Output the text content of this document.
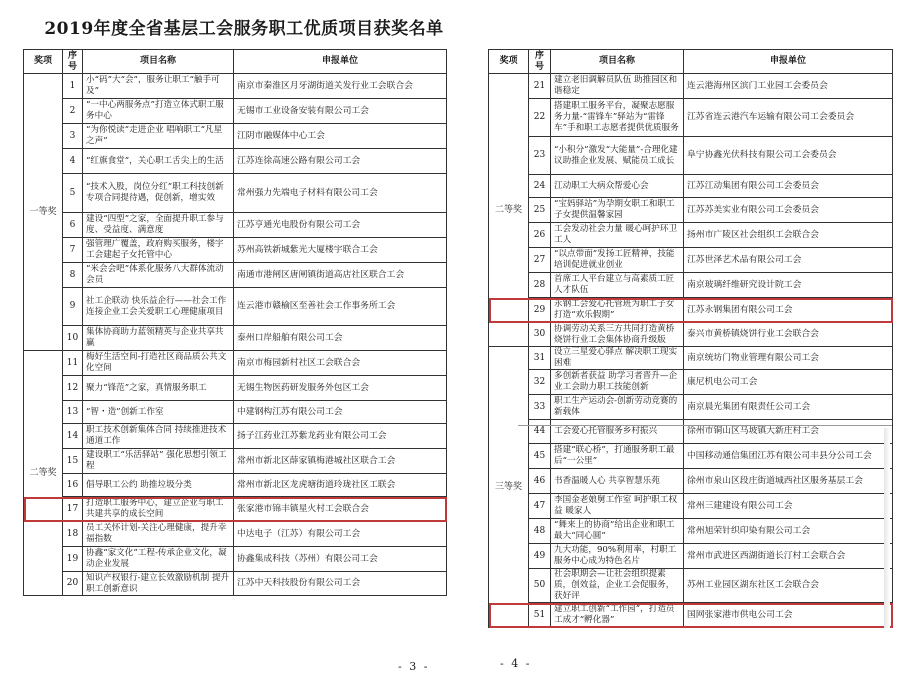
2019年度全省基层工会服务职工优质项目获奖名单
奖项	序号	项目名称	申报单位
一等奖	1	小“码”大“会”，服务让职工“触手可及”	南京市秦淮区月牙湖街道关发行业工会联合会
	2	“一中心两服务点”打造立体式职工服务中心	无锡市工业设备安装有限公司工会
	3	“为你悦读”走进企业 唱响职工“凡星之声”	江阴市融媒体中心工会
	4	“红旗食堂”，关心职工舌尖上的生活	江苏连徐高速公路有限公司工会
	5	“技术入股，岗位分红”职工科技创新专项合同提待遇，促创新，增实效	常州强力先端电子材料有限公司工会
	6	建设“四型”之家，全面提升职工参与度、受益度、满意度	江苏亨通光电股份有限公司工会
	7	强管理广覆盖，政府购买服务，楼宇工会建起子女托管中心	苏州高铁新城紫光大厦楼宇联合工会
	8	“米会会吧”体系化服务八大群体流动会员	南通市港闸区唐闸镇街道高店社区联合工会
	9	社工企联动 快乐益企行——社会工作连接企业工会关爱职工心理健康项目	连云港市赣榆区至善社会工作事务所工会
	10	集体协商助力蓝领精英与企业共享共赢	泰州口岸船舶有限公司工会
二等奖	11	梅好生活空间-打造社区商品质公共文化空间	南京市梅园新村社区工会联合会
	12	聚力“锋范”之家，真情服务职工	无锡生物医药研发服务外包区工会
	13	“智・造”创新工作室	中建钢构江苏有限公司工会
	14	职工技术创新集体合同 持续推进技术通道工作	扬子江药业江苏紫龙药业有限公司工会
	15	建设职工“乐活驿站” 强化思想引领工程	常州市新北区薛家镇梅港城社区联合工会
	16	倡导职工公约 助推垃圾分类	常州市新北区龙虎塘街道玲珑社区工联会
	17	打造职工服务中心，建立企业与职工共建共享的成长空间	张家港市锦丰镇星火村工会联合会
	18	员工关怀计划-关注心理健康，提升幸福指数	中达电子（江苏）有限公司工会
	19	协鑫“家文化”工程-传承企业文化，凝动企业发展	协鑫集成科技（苏州）有限公司工会
	20	知识产权银行-建立长效激励机制 提升职工创新意识	江苏中天科技股份有限公司工会
奖项	序号	项目名称	申报单位
二等奖	21	建立老旧调解员队伍 助推园区和谐稳定	连云港海州区滨门工业园工会委员会
	22	搭建职工服务平台，凝聚志愿服务力量-“雷锋车”驿站为“雷锋车”手和职工志愿者提供优质服务	江苏省连云港汽车运输有限公司工会委员会
	23	“小积分”激发“大能量”-合理化建议助推企业发展、赋能员工成长	阜宁协鑫光伏科技有限公司工会委员会
	24	江动职工大病众帮爱心会	江苏江动集团有限公司工会委员会
	25	“宝妈驿站”为孕期女职工和职工子女提供温馨家园	江苏苏美实业有限公司工会委员会
	26	工会发动社会力量 暖心呵护环卫工人	扬州市广陵区社会组织工会联合会
	27	“以点带面”发扬工匠精神，技能培训促进就业创业	江苏世泽艺术品有限公司工会
	28	首席工人平台建立与高素质工匠人才队伍	南京玻璃纤维研究设计院工会
	29	永钢工会爱心托管班为职工子女打造“欢乐假期”	江苏永钢集团有限公司工会
	30	协调劳动关系三方共同打造黄桥烧饼行业工会集体协商升级版	泰兴市黄桥镇烧饼行业工会联合会
三等奖	31	设立三星爱心驿点 解决职工现实困难	南京统坊门物业管理有限公司工会
	32	多创新者获益 助学习者晋升—企业工会助力职工技能创新	康尼机电公司工会
	33	职工生产运动会-创新劳动竞赛的新载体	南京晨光集团有限责任公司工会
	44	工会爱心托管服务乡村振兴	徐州市铜山区马坡镇大新庄村工会
	45	搭建“联心桥”，打通服务职工最后“一公里”	中国移动通信集团江苏有限公司丰县分公司工会
	46	书香温暖人心 共享智慧乐苑	徐州市泉山区段庄街道城西社区服务基层工会
	47	李国金老娘舅工作室 呵护职工权益 暖家人	常州三建建设有限公司工会
	48	“舞来上的协商”给出企业和职工最大“同心圆”	常州旭荣针织印染有限公司工会
	49	九大功能，90%利用率，村职工服务中心成为特色名片	常州市武进区西湖街道长汀村工会联合会
	50	社会职期会—让社会组织提素质，创效益，企业工会促服务，获好评	苏州工业园区湖东社区工会联合会
	51	建立职工创新“工作园”，打造员工成才“孵化器”	国网张家港市供电公司工会
- 3 -	- 4 -
